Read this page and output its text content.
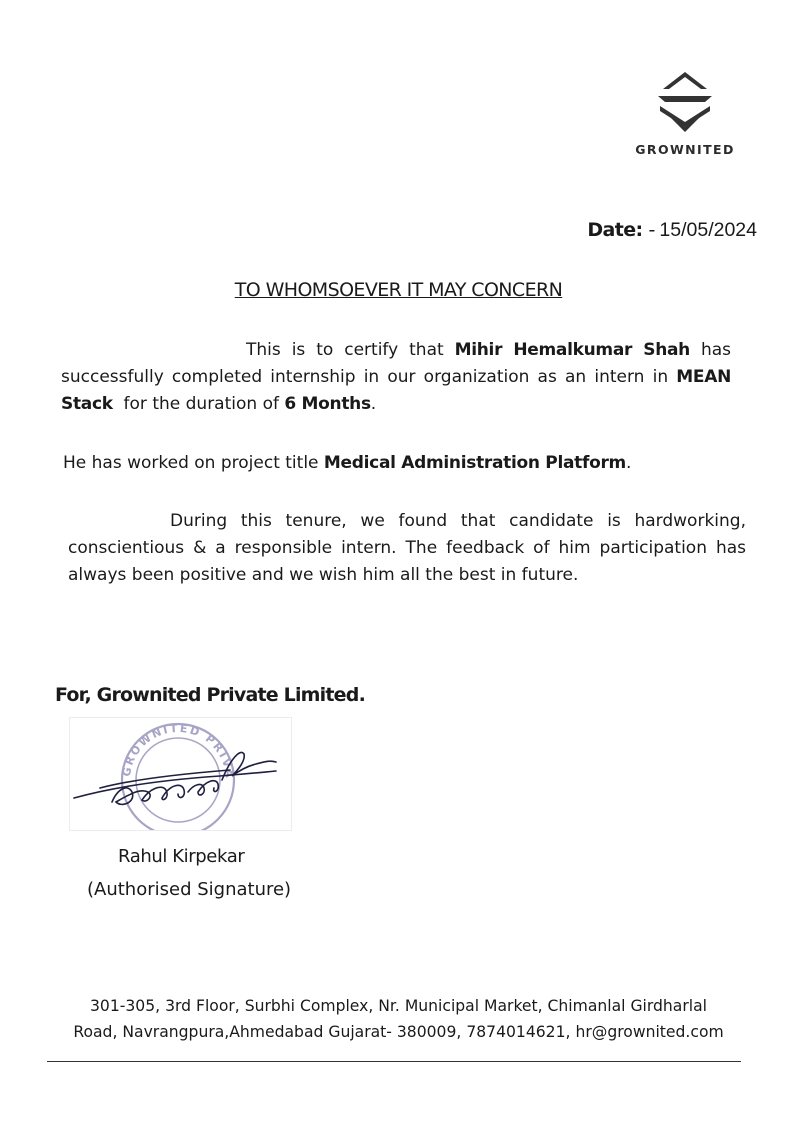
GROWNITED
Date: - 15/05/2024
TO WHOMSOEVER IT MAY CONCERN
This is to certify that Mihir Hemalkumar Shah has successfully completed internship in our organization as an intern in MEAN Stack for the duration of 6 Months.
He has worked on project title Medical Administration Platform.
During this tenure, we found that candidate is hardworking, conscientious & a responsible intern. The feedback of him participation has always been positive and we wish him all the best in future.
For, Grownited Private Limited.
GROWNITED PRIVA
Rahul Kirpekar
(Authorised Signature)
301-305, 3rd Floor, Surbhi Complex, Nr. Municipal Market, Chimanlal Girdharlal
Road, Navrangpura,Ahmedabad Gujarat- 380009, 7874014621, hr@grownited.com
